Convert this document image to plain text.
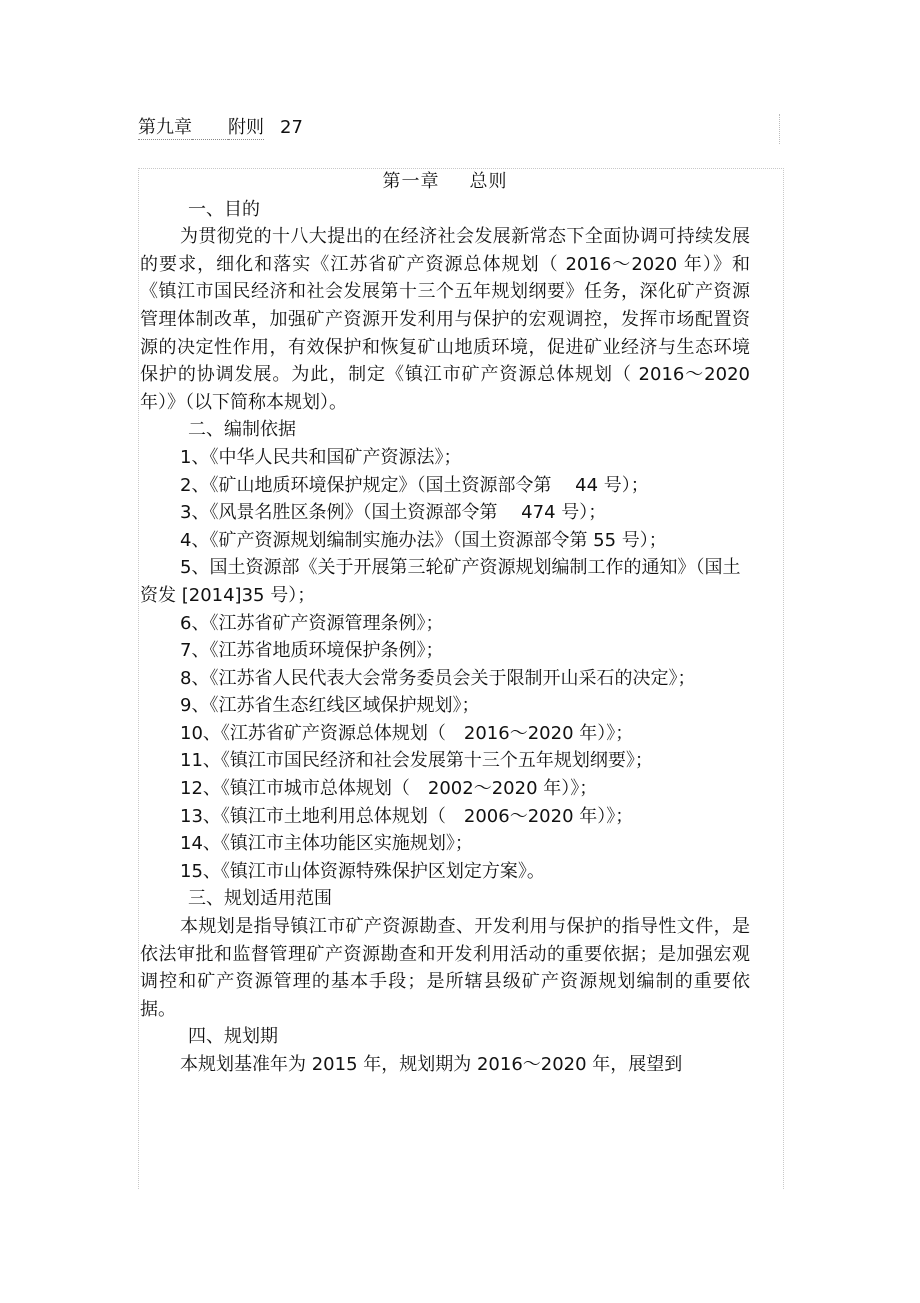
第九章　　 附则 27

第一章 总则

一、目的

为贯彻党的十八大提出的在经济社会发展新常态下全面协调可持续发展的要求，细化和落实《江苏省矿产资源总体规划（ 2016～2020 年）》和《镇江市国民经济和社会发展第十三个五年规划纲要》任务，深化矿产资源管理体制改革，加强矿产资源开发利用与保护的宏观调控，发挥市场配置资源的决定性作用，有效保护和恢复矿山地质环境，促进矿业经济与生态环境保护的协调发展。为此，制定《镇江市矿产资源总体规划（ 2016～2020 年）》（以下简称本规划）。

二、编制依据

1、《中华人民共和国矿产资源法》；

2、《矿山地质环境保护规定》（国土资源部令第　 44 号）；

3、《风景名胜区条例》（国土资源部令第　 474 号）；

4、《矿产资源规划编制实施办法》（国土资源部令第 55 号）；

5、国土资源部《关于开展第三轮矿产资源规划编制工作的通知》（国土资发 [2014]35 号）；

6、《江苏省矿产资源管理条例》；

7、《江苏省地质环境保护条例》；

8、《江苏省人民代表大会常务委员会关于限制开山采石的决定》；

9、《江苏省生态红线区域保护规划》；

10、《江苏省矿产资源总体规划（　2016～2020 年）》；

11、《镇江市国民经济和社会发展第十三个五年规划纲要》；

12、《镇江市城市总体规划（　2002～2020 年）》；

13、《镇江市土地利用总体规划（　2006～2020 年）》；

14、《镇江市主体功能区实施规划》；

15、《镇江市山体资源特殊保护区划定方案》。

三、规划适用范围

本规划是指导镇江市矿产资源勘查、开发利用与保护的指导性文件，是依法审批和监督管理矿产资源勘查和开发利用活动的重要依据；是加强宏观调控和矿产资源管理的基本手段；是所辖县级矿产资源规划编制的重要依据。

四、规划期

本规划基准年为 2015 年，规划期为 2016～2020 年，展望到
